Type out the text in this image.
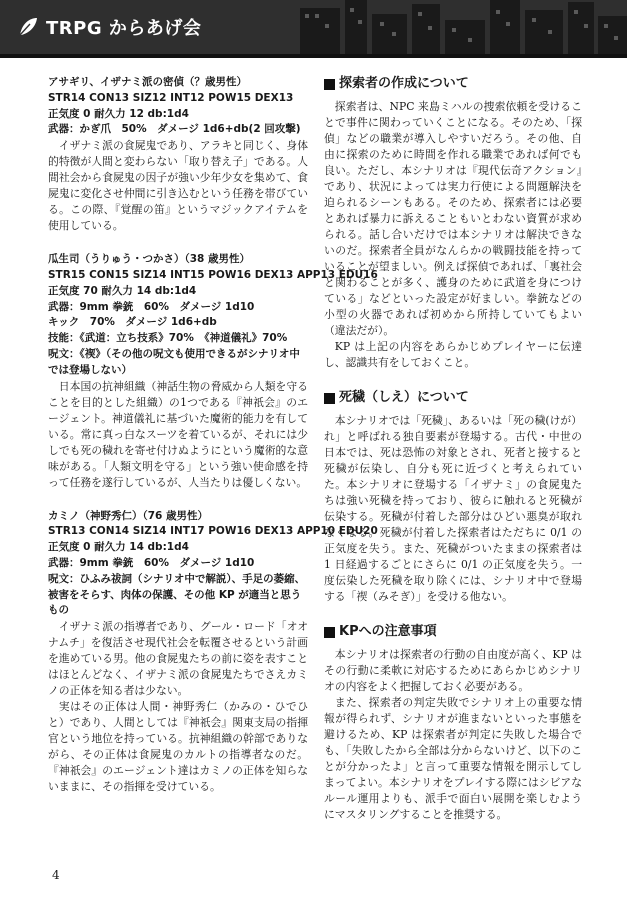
TRPG からあげ会
アサギリ、イザナミ派の密偵（？歳男性）
STR14 CON13 SIZ12 INT12 POW15 DEX13
正気度 0 耐久力 12 db:1d4
武器：かぎ爪　50%　ダメージ 1d6+db(2 回攻撃)

イザナミ派の食屍鬼であり、アラキと同じく、身体的特徴が人間と変わらない「取り替え子」である。人間社会から食屍鬼の因子が強い少年少女を集めて、食屍鬼に変化させ仲間に引き込むという任務を帯びている。この際、『覚醒の笛』というマジックアイテムを使用している。

瓜生司（うりゅう・つかさ）（38 歳男性）
STR15 CON15 SIZ14 INT15 POW16 DEX13 APP13 EDU16
正気度 70 耐久力 14 db:1d4
武器：9mm 拳銃　60%　ダメージ 1d10
キック　70%　ダメージ 1d6+db
技能：《武道：立ち技系》70%　《神道儀礼》70%
呪文：《禊》（その他の呪文も使用できるがシナリオ中では登場しない）

日本国の抗神組織（神話生物の脅威から人類を守ることを目的とした組織）の1つである『神祇会』のエージェント。神道儀礼に基づいた魔術的能力を有している。常に真っ白なスーツを着ているが、それには少しでも死の穢れを寄せ付けぬようにという魔術的な意味がある。「人類文明を守る」という強い使命感を持って任務を遂行しているが、人当たりは優しくない。

カミノ（神野秀仁）（76 歳男性）
STR13 CON14 SIZ14 INT17 POW16 DEX13 APP10 EDU20
正気度 0 耐久力 14 db:1d4
武器：9mm 拳銃　60%　ダメージ 1d10
呪文：ひふみ祓詞（シナリオ中で解説）、手足の萎縮、被害をそらす、肉体の保護、その他 KP が適当と思うもの

イザナミ派の指導者であり、グール・ロード「オオナムチ」を復活させ現代社会を転覆させるという計画を進めている男。他の食屍鬼たちの前に姿を表すことはほとんどなく、イザナミ派の食屍鬼たちでさえカミノの正体を知る者は少ない。

実はその正体は人間・神野秀仁（かみの・ひでひと）であり、人間としては『神祇会』関東支局の指揮官という地位を持っている。抗神組織の幹部でありながら、その正体は食屍鬼のカルトの指導者なのだ。『神祇会』のエージェント達はカミノの正体を知らないままに、その指揮を受けている。

探索者の作成について

探索者は、NPC 来島ミハルの捜索依頼を受けることで事件に関わっていくことになる。そのため、「探偵」などの職業が導入しやすいだろう。その他、自由に探索のために時間を作れる職業であれば何でも良い。ただし、本シナリオは『現代伝奇アクション』であり、状況によっては実力行使による問題解決を迫られるシーンもある。そのため、探索者には必要とあれば暴力に訴えることもいとわない資質が求められる。話し合いだけでは本シナリオは解決できないのだ。探索者全員がなんらかの戦闘技能を持っていることが望ましい。例えば探偵であれば、「裏社会と関わることが多く、護身のために武道を身につけている」などといった設定が好ましい。拳銃などの小型の火器であれば初めから所持していてもよい（違法だが）。

KP は上記の内容をあらかじめプレイヤーに伝達し、認識共有をしておくこと。

死穢（しえ）について

本シナリオでは「死穢」、あるいは「死の穢(けが）れ」と呼ばれる独自要素が登場する。古代・中世の日本では、死は恐怖の対象とされ、死者と接すると死穢が伝染し、自分も死に近づくと考えられていた。本シナリオに登場する「イザナミ」の食屍鬼たちは強い死穢を持っており、彼らに触れると死穢が伝染する。死穢が付着した部分はひどい悪臭が取れなくなる。死穢が付着した探索者はただちに 0/1 の正気度を失う。また、死穢がついたままの探索者は 1 日経過するごとにさらに 0/1 の正気度を失う。一度伝染した死穢を取り除くには、シナリオ中で登場する「禊（みそぎ）」を受ける他ない。

KPへの注意事項

本シナリオは探索者の行動の自由度が高く、KP はその行動に柔軟に対応するためにあらかじめシナリオの内容をよく把握しておく必要がある。

また、探索者の判定失敗でシナリオ上の重要な情報が得られず、シナリオが進まないといった事態を避けるため、KP は探索者が判定に失敗した場合でも、「失敗したから全部は分からないけど、以下のことが分かったよ」と言って重要な情報を開示してしまってよい。本シナリオをプレイする際にはシビアなルール運用よりも、派手で面白い展開を楽しむようにマスタリングすることを推奨する。

4
